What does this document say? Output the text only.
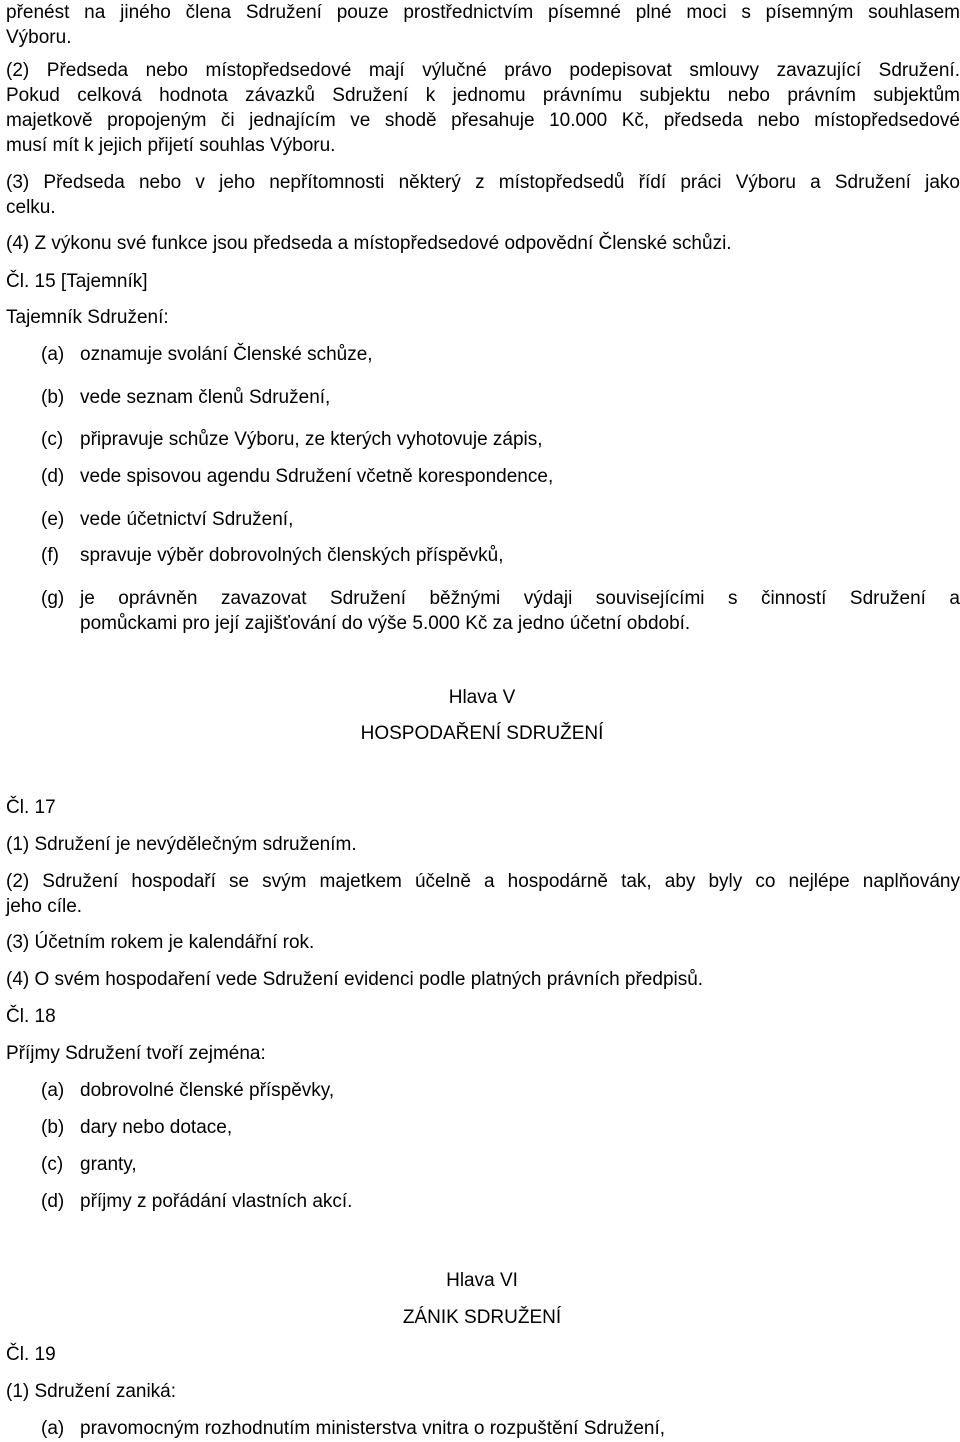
přenést na jiného člena Sdružení pouze prostřednictvím písemné plné moci s písemným souhlasem
Výboru.
(2) Předseda nebo místopředsedové mají výlučné právo podepisovat smlouvy zavazující Sdružení.
Pokud celková hodnota závazků Sdružení k jednomu právnímu subjektu nebo právním subjektům
majetkově propojeným či jednajícím ve shodě přesahuje 10.000 Kč, předseda nebo místopředsedové
musí mít k jejich přijetí souhlas Výboru.
(3) Předseda nebo v jeho nepřítomnosti některý z místopředsedů řídí práci Výboru a Sdružení jako
celku.
(4) Z výkonu své funkce jsou předseda a místopředsedové odpovědní Členské schůzi.
Čl. 15 [Tajemník]
Tajemník Sdružení:
(a) oznamuje svolání Členské schůze,
(b) vede seznam členů Sdružení,
(c) připravuje schůze Výboru, ze kterých vyhotovuje zápis,
(d) vede spisovou agendu Sdružení včetně korespondence,
(e) vede účetnictví Sdružení,
(f)	spravuje výběr dobrovolných členských příspěvků,
(g) je oprávněn zavazovat Sdružení běžnými výdaji souvisejícími s činností Sdružení a
pomůckami pro její zajišťování do výše 5.000 Kč za jedno účetní období.
Hlava V
HOSPODAŘENÍ SDRUŽENÍ
Čl. 17
(1) Sdružení je nevýdělečným sdružením.
(2) Sdružení hospodaří se svým majetkem účelně a hospodárně tak, aby byly co nejlépe naplňovány
jeho cíle.
(3) Účetním rokem je kalendářní rok.
(4) O svém hospodaření vede Sdružení evidenci podle platných právních předpisů.
Čl. 18
Příjmy Sdružení tvoří zejména:
(a) dobrovolné členské příspěvky,
(b) dary nebo dotace,
(c) granty,
(d) příjmy z pořádání vlastních akcí.
Hlava VI
ZÁNIK SDRUŽENÍ
Čl. 19
(1) Sdružení zaniká:
(a) pravomocným rozhodnutím ministerstva vnitra o rozpuštění Sdružení,
